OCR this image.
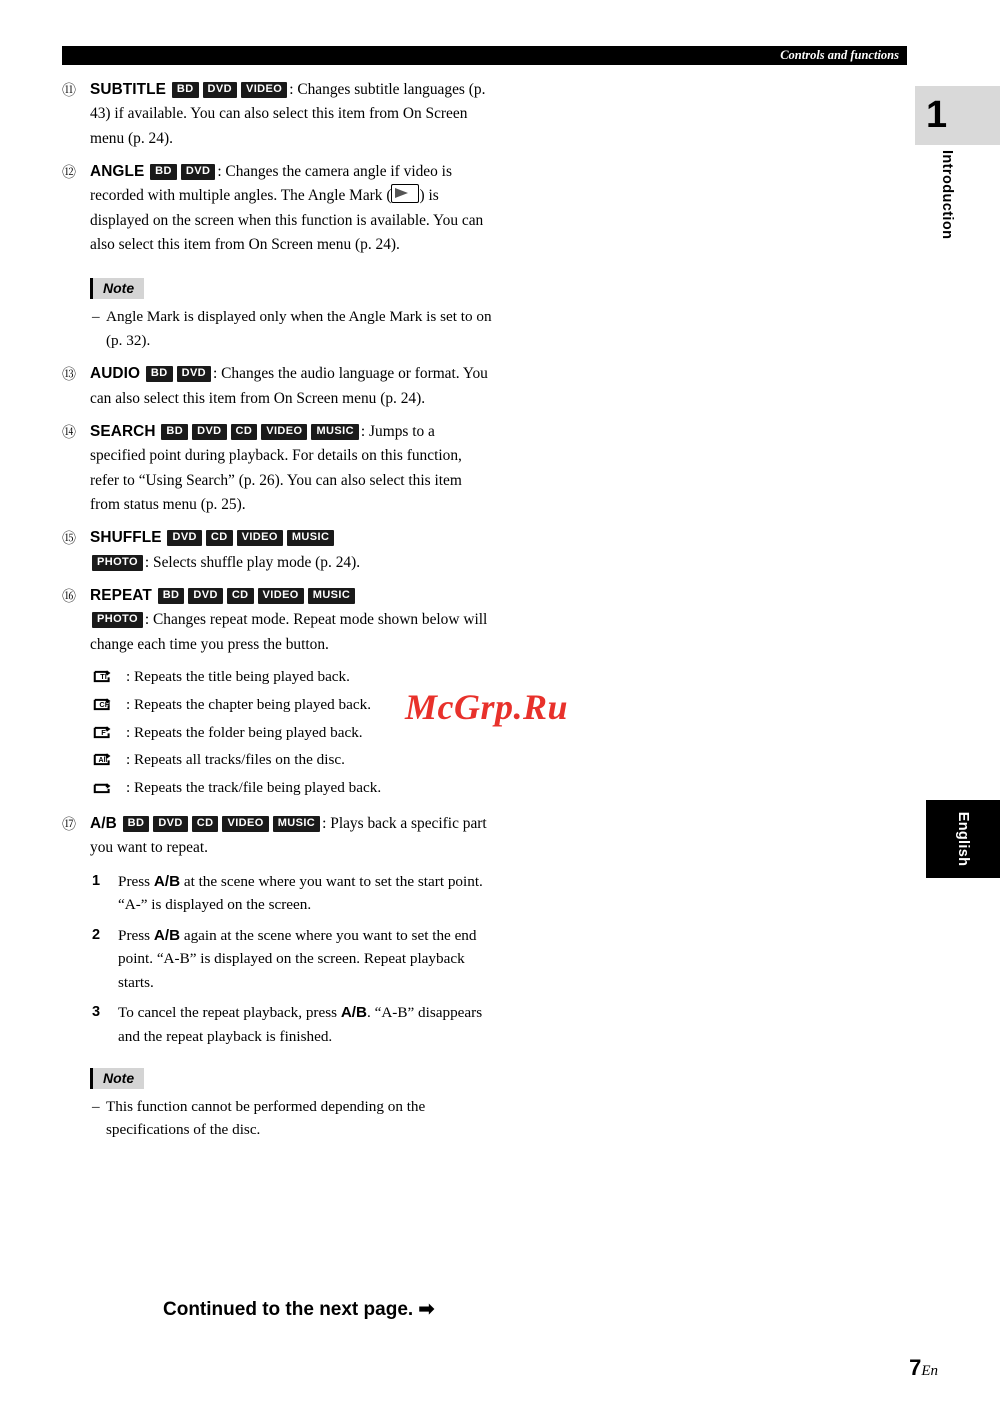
Controls and functions
1
Introduction
English
⑪ SUBTITLE BD DVD VIDEO : Changes subtitle languages (p. 43) if available. You can also select this item from On Screen menu (p. 24).
⑫ ANGLE BD DVD : Changes the camera angle if video is recorded with multiple angles. The Angle Mark ( ) is displayed on the screen when this function is available. You can also select this item from On Screen menu (p. 24).
Note
– Angle Mark is displayed only when the Angle Mark is set to on (p. 32).
⑬ AUDIO BD DVD : Changes the audio language or format. You can also select this item from On Screen menu (p. 24).
⑭ SEARCH BD DVD CD VIDEO MUSIC : Jumps to a specified point during playback. For details on this function, refer to “Using Search” (p. 26). You can also select this item from status menu (p. 25).
⑮ SHUFFLE DVD CD VIDEO MUSIC
PHOTO : Selects shuffle play mode (p. 24).
⑯ REPEAT BD DVD CD VIDEO MUSIC
PHOTO : Changes repeat mode. Repeat mode shown below will change each time you press the button.
TI : Repeats the title being played back.
CH : Repeats the chapter being played back.
F : Repeats the folder being played back.
All : Repeats all tracks/files on the disc.
: Repeats the track/file being played back.
⑰ A/B BD DVD CD VIDEO MUSIC : Plays back a specific part you want to repeat.
1 Press A/B at the scene where you want to set the start point. “A-” is displayed on the screen.
2 Press A/B again at the scene where you want to set the end point. “A-B” is displayed on the screen. Repeat playback starts.
3 To cancel the repeat playback, press A/B. “A-B” disappears and the repeat playback is finished.
Note
– This function cannot be performed depending on the specifications of the disc.
McGrp.Ru
Continued to the next page. ➡
7En
